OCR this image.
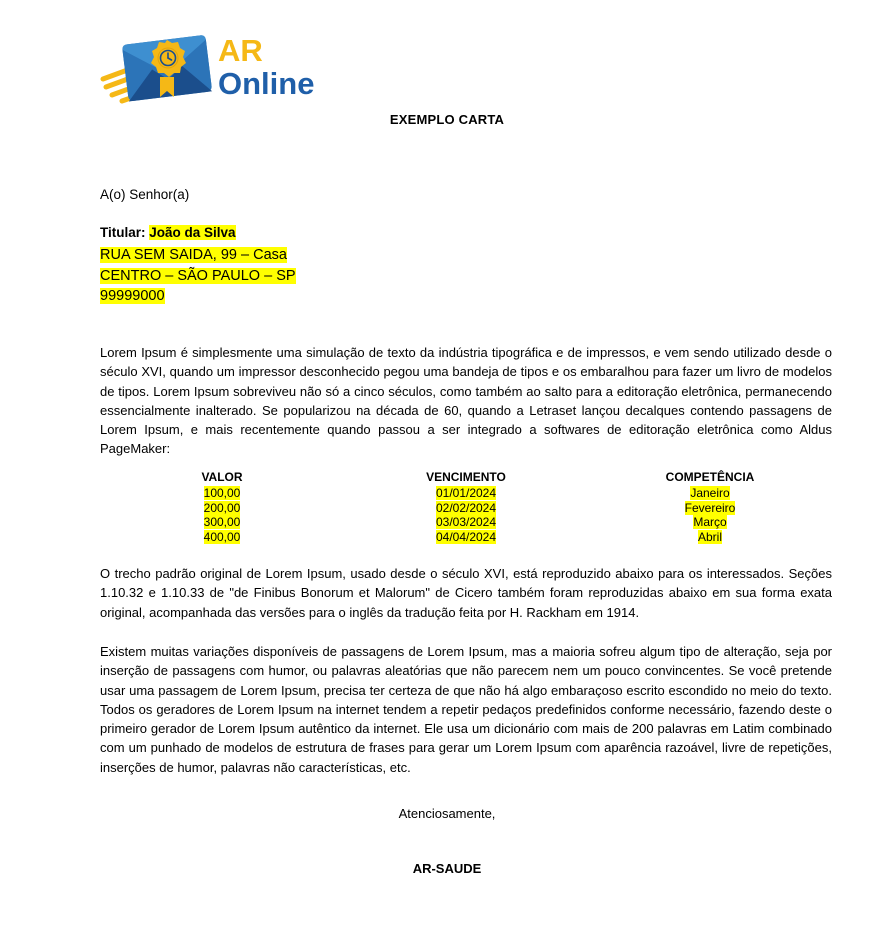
AR
Online
EXEMPLO CARTA
A(o) Senhor(a)
Titular: João da Silva
RUA SEM SAIDA, 99 – Casa
CENTRO – SÃO PAULO – SP
99999000
Lorem Ipsum é simplesmente uma simulação de texto da indústria tipográfica e de impressos, e vem sendo utilizado desde o século XVI, quando um impressor desconhecido pegou uma bandeja de tipos e os embaralhou para fazer um livro de modelos de tipos. Lorem Ipsum sobreviveu não só a cinco séculos, como também ao salto para a editoração eletrônica, permanecendo essencialmente inalterado. Se popularizou na década de 60, quando a Letraset lançou decalques contendo passagens de Lorem Ipsum, e mais recentemente quando passou a ser integrado a softwares de editoração eletrônica como Aldus PageMaker:
VALOR	VENCIMENTO	COMPETÊNCIA
100,00	01/01/2024	Janeiro
200,00	02/02/2024	Fevereiro
300,00	03/03/2024	Março
400,00	04/04/2024	Abril
O trecho padrão original de Lorem Ipsum, usado desde o século XVI, está reproduzido abaixo para os interessados. Seções 1.10.32 e 1.10.33 de "de Finibus Bonorum et Malorum" de Cicero também foram reproduzidas abaixo em sua forma exata original, acompanhada das versões para o inglês da tradução feita por H. Rackham em 1914.
Existem muitas variações disponíveis de passagens de Lorem Ipsum, mas a maioria sofreu algum tipo de alteração, seja por inserção de passagens com humor, ou palavras aleatórias que não parecem nem um pouco convincentes. Se você pretende usar uma passagem de Lorem Ipsum, precisa ter certeza de que não há algo embaraçoso escrito escondido no meio do texto. Todos os geradores de Lorem Ipsum na internet tendem a repetir pedaços predefinidos conforme necessário, fazendo deste o primeiro gerador de Lorem Ipsum autêntico da internet. Ele usa um dicionário com mais de 200 palavras em Latim combinado com um punhado de modelos de estrutura de frases para gerar um Lorem Ipsum com aparência razoável, livre de repetições, inserções de humor, palavras não características, etc.
Atenciosamente,
AR-SAUDE
